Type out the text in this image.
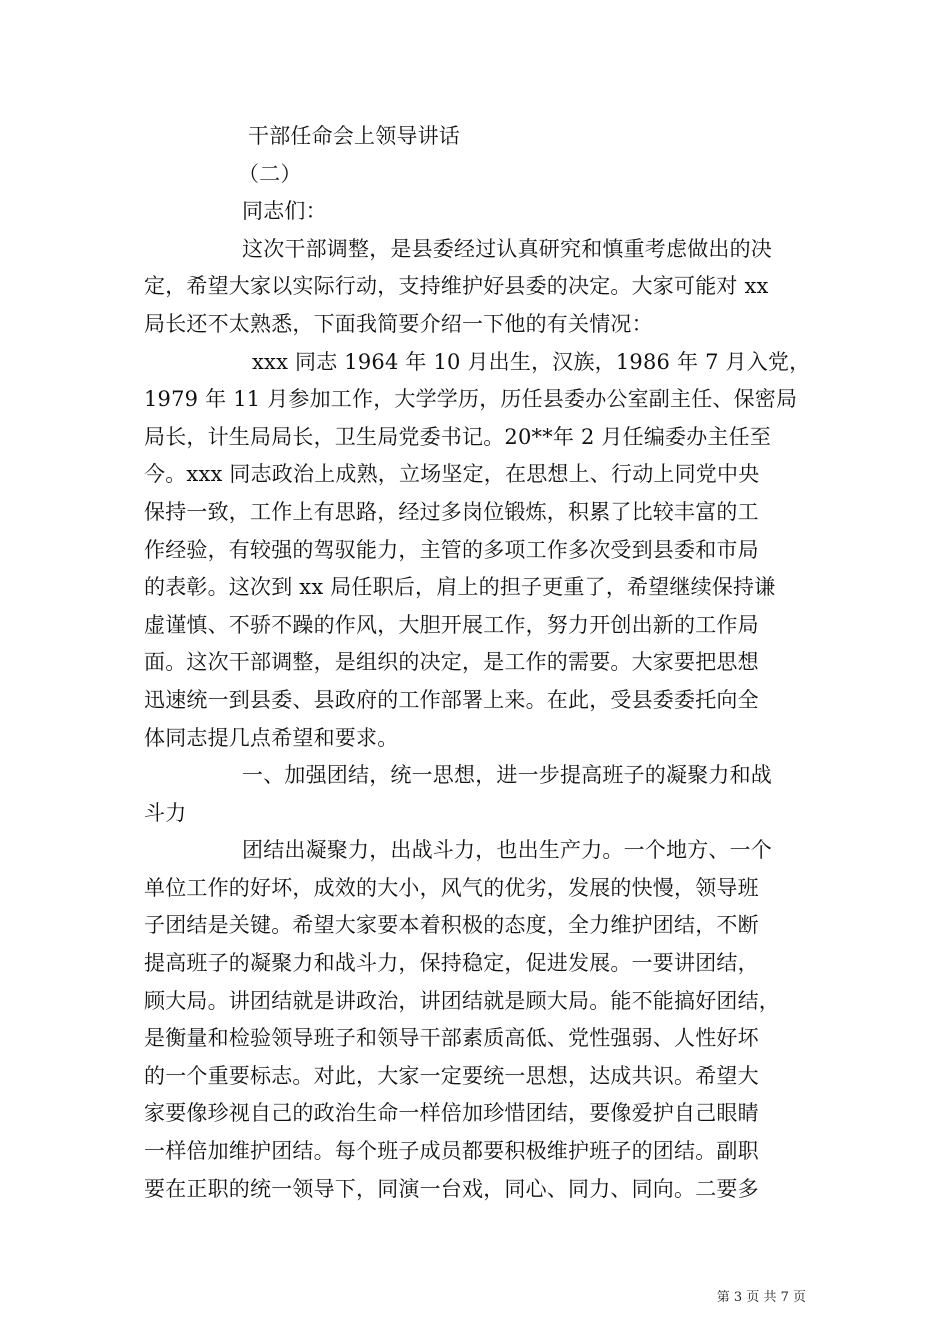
干部任命会上领导讲话
（二）
同志们：
这次干部调整，是县委经过认真研究和慎重考虑做出的决
定，希望大家以实际行动，支持维护好县委的决定。大家可能对 xx
局长还不太熟悉，下面我简要介绍一下他的有关情况：
xxx 同志 1964 年 10 月出生，汉族，1986 年 7 月入党，
1979 年 11 月参加工作，大学学历，历任县委办公室副主任、保密局
局长，计生局局长，卫生局党委书记。20**年 2 月任编委办主任至
今。xxx 同志政治上成熟，立场坚定，在思想上、行动上同党中央
保持一致，工作上有思路，经过多岗位锻炼，积累了比较丰富的工
作经验，有较强的驾驭能力，主管的多项工作多次受到县委和市局
的表彰。这次到 xx 局任职后，肩上的担子更重了，希望继续保持谦
虚谨慎、不骄不躁的作风，大胆开展工作，努力开创出新的工作局
面。这次干部调整，是组织的决定，是工作的需要。大家要把思想
迅速统一到县委、县政府的工作部署上来。在此，受县委委托向全
体同志提几点希望和要求。
一、加强团结，统一思想，进一步提高班子的凝聚力和战
斗力
团结出凝聚力，出战斗力，也出生产力。一个地方、一个
单位工作的好坏，成效的大小，风气的优劣，发展的快慢，领导班
子团结是关键。希望大家要本着积极的态度，全力维护团结，不断
提高班子的凝聚力和战斗力，保持稳定，促进发展。一要讲团结，
顾大局。讲团结就是讲政治，讲团结就是顾大局。能不能搞好团结，
是衡量和检验领导班子和领导干部素质高低、党性强弱、人性好坏
的一个重要标志。对此，大家一定要统一思想，达成共识。希望大
家要像珍视自己的政治生命一样倍加珍惜团结，要像爱护自己眼睛
一样倍加维护团结。每个班子成员都要积极维护班子的团结。副职
要在正职的统一领导下，同演一台戏，同心、同力、同向。二要多
第 3 页 共 7 页
